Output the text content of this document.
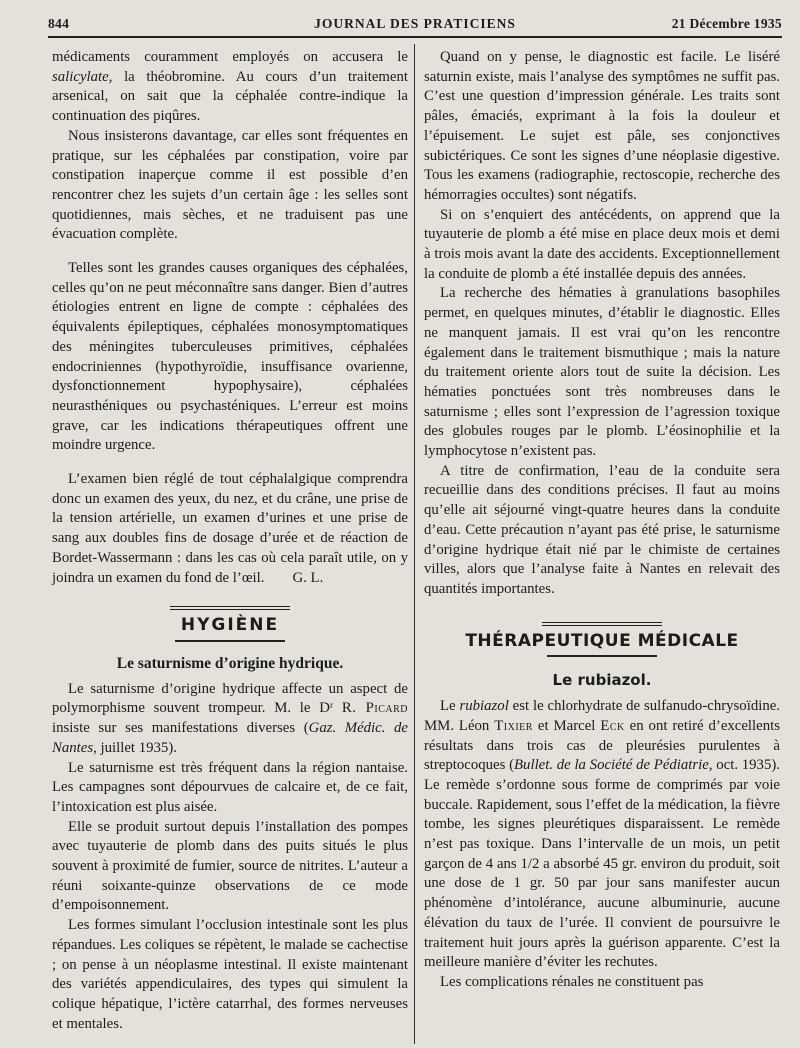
844	JOURNAL DES PRATICIENS	21 Décembre 1935

médicaments couramment employés on accusera le salicylate, la théobromine. Au cours d’un traitement arsenical, on sait que la céphalée contre-indique la continuation des piqûres.

Nous insisterons davantage, car elles sont fréquentes en pratique, sur les céphalées par constipation, voire par constipation inaperçue comme il est possible d’en rencontrer chez les sujets d’un certain âge : les selles sont quotidiennes, mais sèches, et ne traduisent pas une évacuation complète.

Telles sont les grandes causes organiques des céphalées, celles qu’on ne peut méconnaître sans danger. Bien d’autres étiologies entrent en ligne de compte : céphalées des équivalents épileptiques, céphalées monosymptomatiques des méningites tuberculeuses primitives, céphalées endocriniennes (hypothyroïdie, insuffisance ovarienne, dysfonctionnement hypophysaire), céphalées neurasthéniques ou psychasténiques. L’erreur est moins grave, car les indications thérapeutiques offrent une moindre urgence.

L’examen bien réglé de tout céphalalgique comprendra donc un examen des yeux, du nez, et du crâne, une prise de la tension artérielle, un examen d’urines et une prise de sang aux doubles fins de dosage d’urée et de réaction de Bordet-Wassermann : dans les cas où cela paraît utile, on y joindra un examen du fond de l’œil. G. L.

HYGIÈNE
Le saturnisme d’origine hydrique.

Le saturnisme d’origine hydrique affecte un aspect de polymorphisme souvent trompeur. M. le Dʳ R. Picard insiste sur ses manifestations diverses (Gaz. Médic. de Nantes, juillet 1935).

Le saturnisme est très fréquent dans la région nantaise. Les campagnes sont dépourvues de calcaire et, de ce fait, l’intoxication est plus aisée.

Elle se produit surtout depuis l’installation des pompes avec tuyauterie de plomb dans des puits situés le plus souvent à proximité de fumier, source de nitrites. L’auteur a réuni soixante-quinze observations de ce mode d’empoisonnement.

Les formes simulant l’occlusion intestinale sont les plus répandues. Les coliques se répètent, le malade se cachectise ; on pense à un néoplasme intestinal. Il existe maintenant des variétés appendiculaires, des types qui simulent la colique hépatique, l’ictère catarrhal, des formes nerveuses et mentales.

Quand on y pense, le diagnostic est facile. Le liséré saturnin existe, mais l’analyse des symptômes ne suffit pas. C’est une question d’impression générale. Les traits sont pâles, émaciés, exprimant à la fois la douleur et l’épuisement. Le sujet est pâle, ses conjonctives subictériques. Ce sont les signes d’une néoplasie digestive. Tous les examens (radiographie, rectoscopie, recherche des hémorragies occultes) sont négatifs.

Si on s’enquiert des antécédents, on apprend que la tuyauterie de plomb a été mise en place deux mois et demi à trois mois avant la date des accidents. Exceptionnellement la conduite de plomb a été installée depuis des années.

La recherche des hématies à granulations basophiles permet, en quelques minutes, d’établir le diagnostic. Elles ne manquent jamais. Il est vrai qu’on les rencontre également dans le traitement bismuthique ; mais la nature du traitement oriente alors tout de suite la décision. Les hématies ponctuées sont très nombreuses dans le saturnisme ; elles sont l’expression de l’agression toxique des globules rouges par le plomb. L’éosinophilie et la lymphocytose n’existent pas.

A titre de confirmation, l’eau de la conduite sera recueillie dans des conditions précises. Il faut au moins qu’elle ait séjourné vingt-quatre heures dans la conduite d’eau. Cette précaution n’ayant pas été prise, le saturnisme d’origine hydrique était nié par le chimiste de certaines villes, alors que l’analyse faite à Nantes en relevait des quantités importantes.

THÉRAPEUTIQUE MÉDICALE
Le rubiazol.

Le rubiazol est le chlorhydrate de sulfanudo-chrysoïdine. MM. Léon Tixier et Marcel Eck en ont retiré d’excellents résultats dans trois cas de pleurésies purulentes à streptocoques (Bullet. de la Société de Pédiatrie, oct. 1935). Le remède s’ordonne sous forme de comprimés par voie buccale. Rapidement, sous l’effet de la médication, la fièvre tombe, les signes pleurétiques disparaissent. Le remède n’est pas toxique. Dans l’intervalle de un mois, un petit garçon de 4 ans 1/2 a absorbé 45 gr. environ du produit, soit une dose de 1 gr. 50 par jour sans manifester aucun phénomène d’intolérance, aucune albuminurie, aucune élévation du taux de l’urée. Il convient de poursuivre le traitement huit jours après la guérison apparente. C’est la meilleure manière d’éviter les rechutes.

Les complications rénales ne constituent pas
